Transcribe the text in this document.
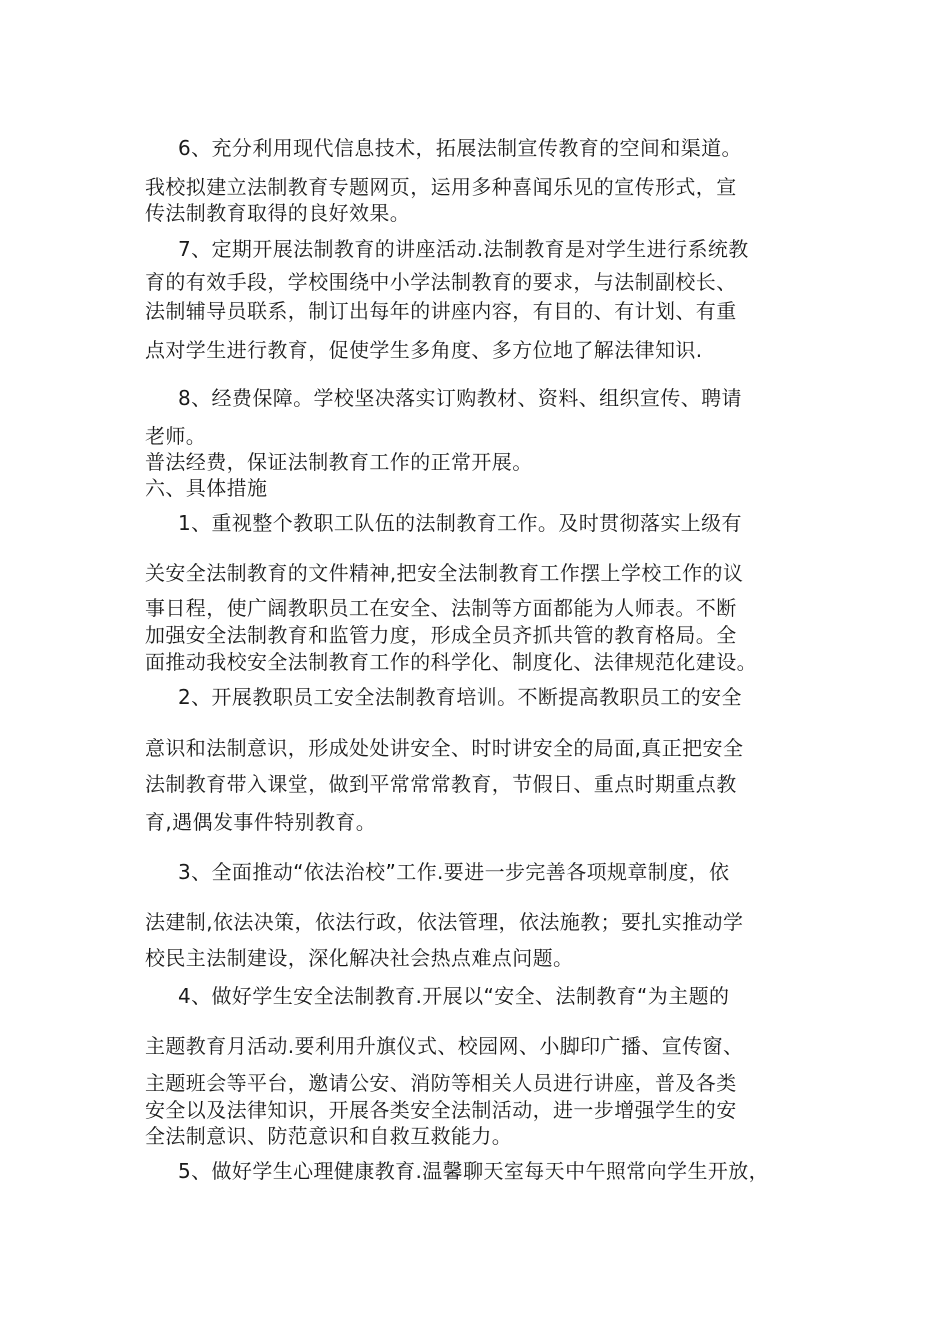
6、充分利用现代信息技术，拓展法制宣传教育的空间和渠道。
我校拟建立法制教育专题网页，运用多种喜闻乐见的宣传形式，宣
传法制教育取得的良好效果。
7、定期开展法制教育的讲座活动.法制教育是对学生进行系统教
育的有效手段，学校围绕中小学法制教育的要求，与法制副校长、
法制辅导员联系，制订出每年的讲座内容，有目的、有计划、有重
点对学生进行教育，促使学生多角度、多方位地了解法律知识.
8、经费保障。学校坚决落实订购教材、资料、组织宣传、聘请
老师。
普法经费，保证法制教育工作的正常开展。
六、具体措施
1、重视整个教职工队伍的法制教育工作。及时贯彻落实上级有
关安全法制教育的文件精神,把安全法制教育工作摆上学校工作的议
事日程，使广阔教职员工在安全、法制等方面都能为人师表。不断
加强安全法制教育和监管力度，形成全员齐抓共管的教育格局。全
面推动我校安全法制教育工作的科学化、制度化、法律规范化建设。
2、开展教职员工安全法制教育培训。不断提高教职员工的安全
意识和法制意识，形成处处讲安全、时时讲安全的局面,真正把安全
法制教育带入课堂，做到平常常常教育，节假日、重点时期重点教
育,遇偶发事件特别教育。
3、全面推动“依法治校”工作.要进一步完善各项规章制度，依
法建制,依法决策，依法行政，依法管理，依法施教；要扎实推动学
校民主法制建设，深化解决社会热点难点问题。
4、做好学生安全法制教育.开展以“安全、法制教育“为主题的
主题教育月活动.要利用升旗仪式、校园网、小脚印广播、宣传窗、
主题班会等平台，邀请公安、消防等相关人员进行讲座，普及各类
安全以及法律知识，开展各类安全法制活动，进一步增强学生的安
全法制意识、防范意识和自救互救能力。
5、做好学生心理健康教育.温馨聊天室每天中午照常向学生开放，
